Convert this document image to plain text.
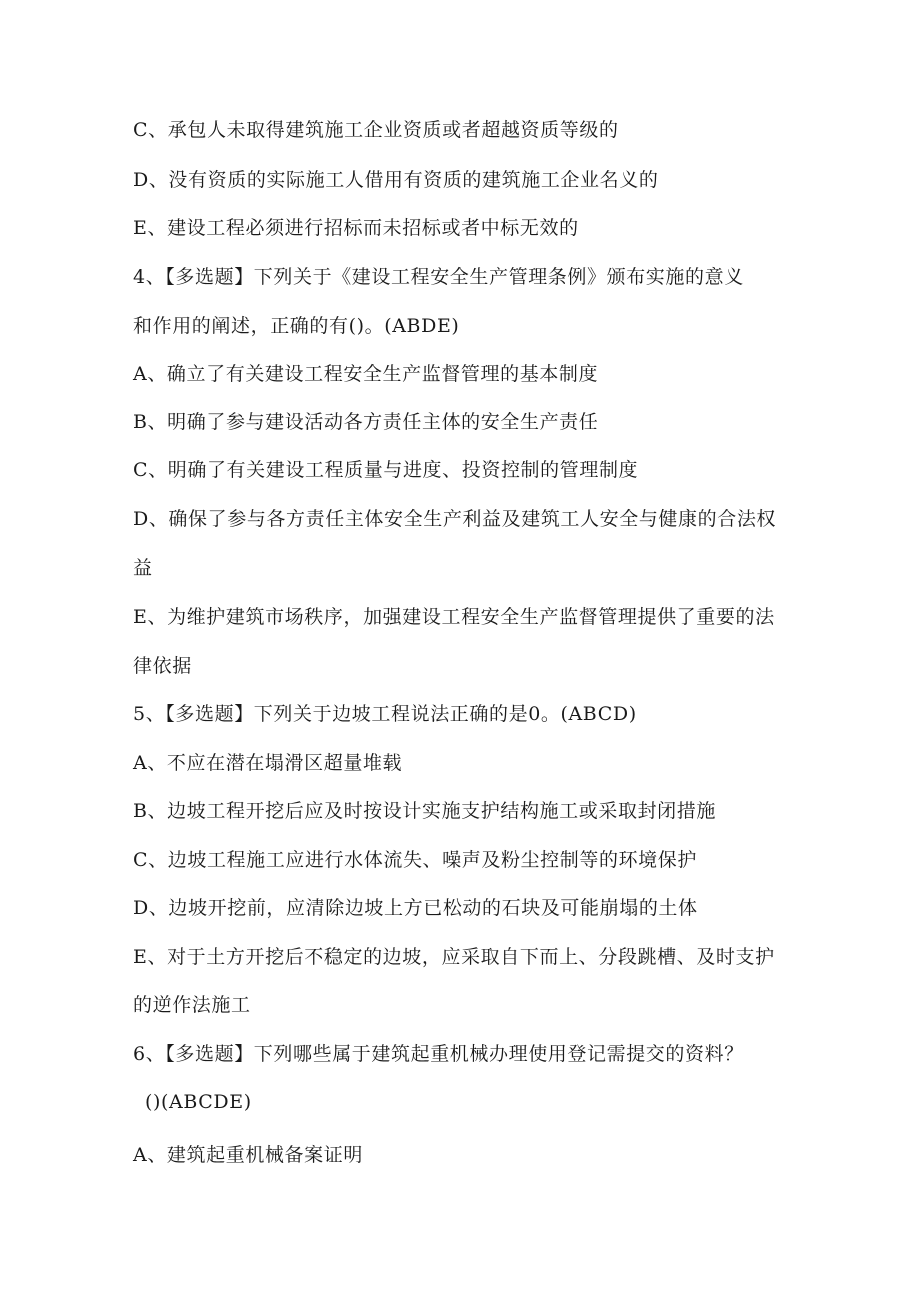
C、承包人未取得建筑施工企业资质或者超越资质等级的
D、没有资质的实际施工人借用有资质的建筑施工企业名义的
E、建设工程必须进行招标而未招标或者中标无效的
4、【多选题】下列关于《建设工程安全生产管理条例》颁布实施的意义
和作用的阐述，正确的有()。(ABDE)
A、确立了有关建设工程安全生产监督管理的基本制度
B、明确了参与建设活动各方责任主体的安全生产责任
C、明确了有关建设工程质量与进度、投资控制的管理制度
D、确保了参与各方责任主体安全生产利益及建筑工人安全与健康的合法权
益
E、为维护建筑市场秩序，加强建设工程安全生产监督管理提供了重要的法
律依据
5、【多选题】下列关于边坡工程说法正确的是0。(ABCD)
A、不应在潜在塌滑区超量堆载
B、边坡工程开挖后应及时按设计实施支护结构施工或采取封闭措施
C、边坡工程施工应进行水体流失、噪声及粉尘控制等的环境保护
D、边坡开挖前，应清除边坡上方已松动的石块及可能崩塌的土体
E、对于土方开挖后不稳定的边坡，应采取自下而上、分段跳槽、及时支护
的逆作法施工
6、【多选题】下列哪些属于建筑起重机械办理使用登记需提交的资料？
()(ABCDE)
A、建筑起重机械备案证明
